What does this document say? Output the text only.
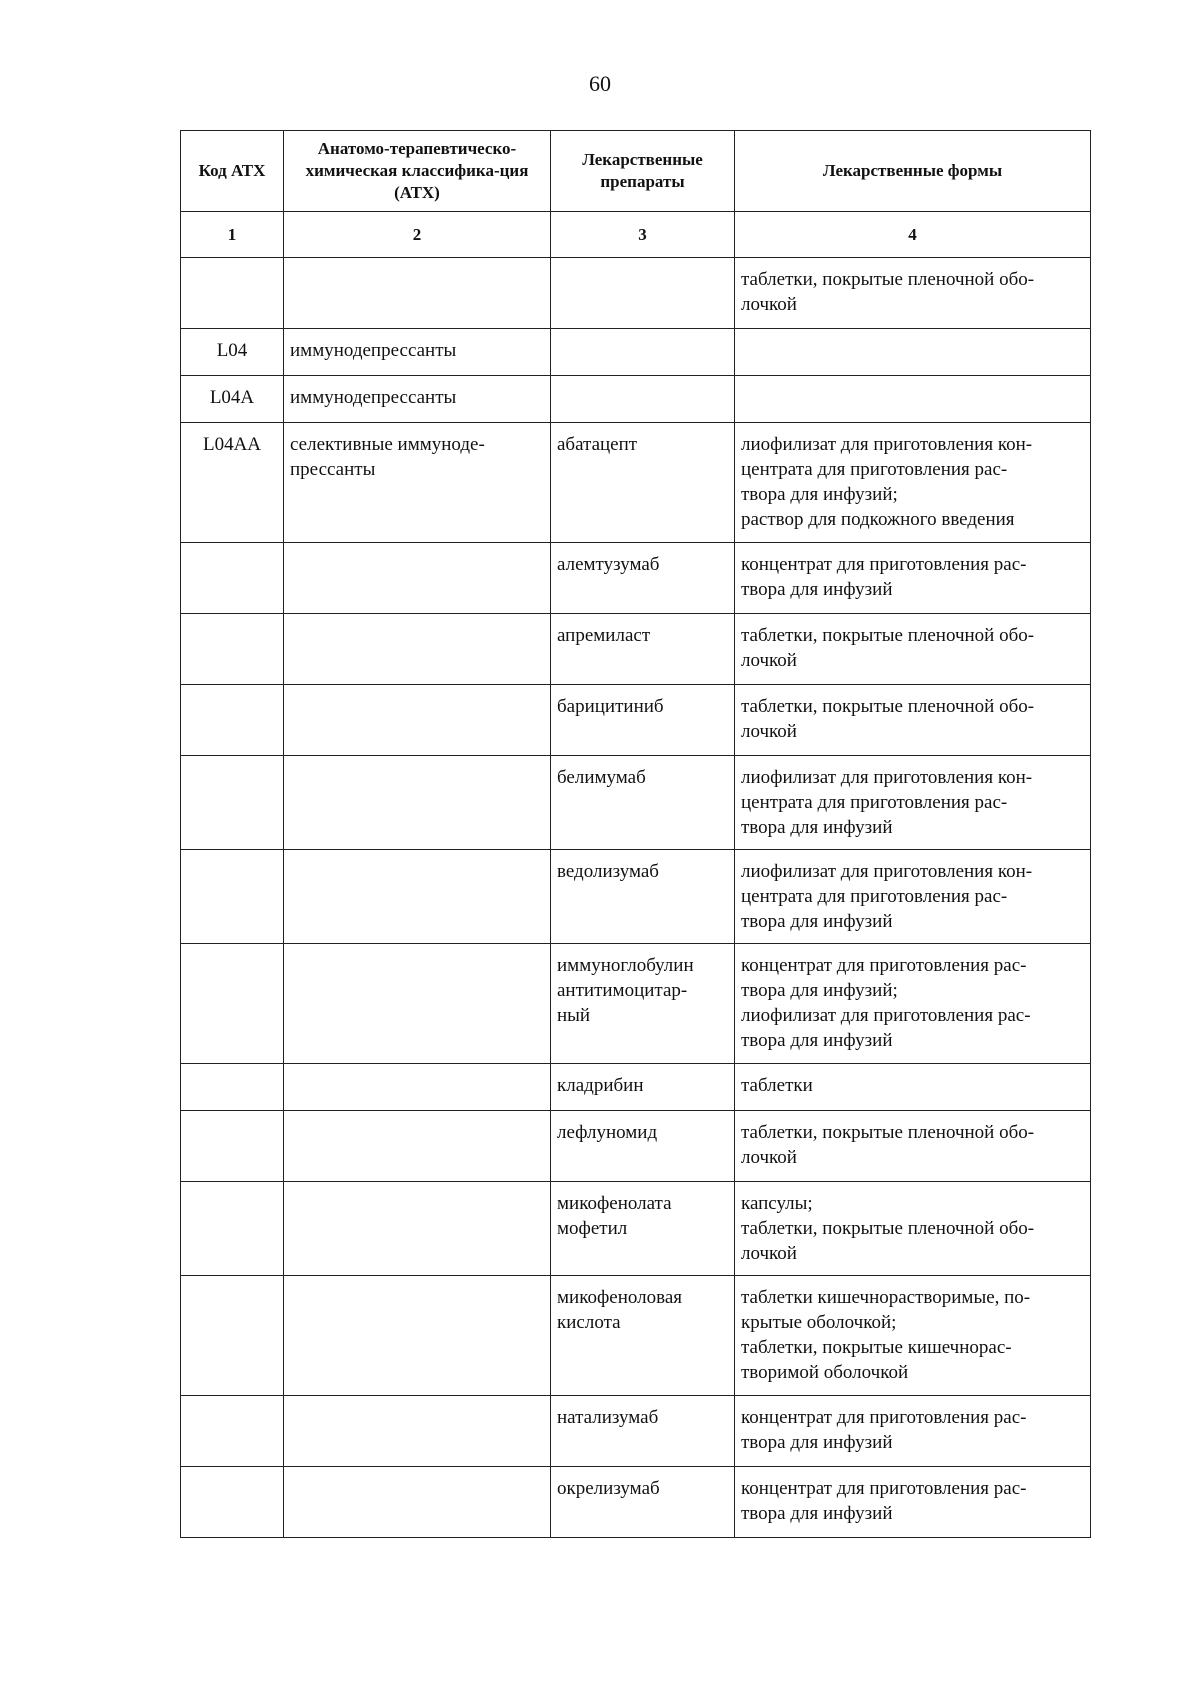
60
Код АТХ	Анатомо-терапевтическо-химическая классифика-ция (АТХ)	Лекарственные препараты	Лекарственные формы
1	2	3	4
			таблетки, покрытые пленочной обо-
лочкой
L04	иммунодепрессанты		
L04A	иммунодепрессанты		
L04AA	селективные иммуноде-
прессанты	абатацепт	лиофилизат для приготовления кон-
центрата для приготовления рас-
твора для инфузий;
раствор для подкожного введения
		алемтузумаб	концентрат для приготовления рас-
твора для инфузий
		апремиласт	таблетки, покрытые пленочной обо-
лочкой
		барицитиниб	таблетки, покрытые пленочной обо-
лочкой
		белимумаб	лиофилизат для приготовления кон-
центрата для приготовления рас-
твора для инфузий
		ведолизумаб	лиофилизат для приготовления кон-
центрата для приготовления рас-
твора для инфузий
		иммуноглобулин
антитимоцитар-
ный	концентрат для приготовления рас-
твора для инфузий;
лиофилизат для приготовления рас-
твора для инфузий
		кладрибин	таблетки
		лефлуномид	таблетки, покрытые пленочной обо-
лочкой
		микофенолата
мофетил	капсулы;
таблетки, покрытые пленочной обо-
лочкой
		микофеноловая
кислота	таблетки кишечнорастворимые, по-
крытые оболочкой;
таблетки, покрытые кишечнорас-
творимой оболочкой
		натализумаб	концентрат для приготовления рас-
твора для инфузий
		окрелизумаб	концентрат для приготовления рас-
твора для инфузий
